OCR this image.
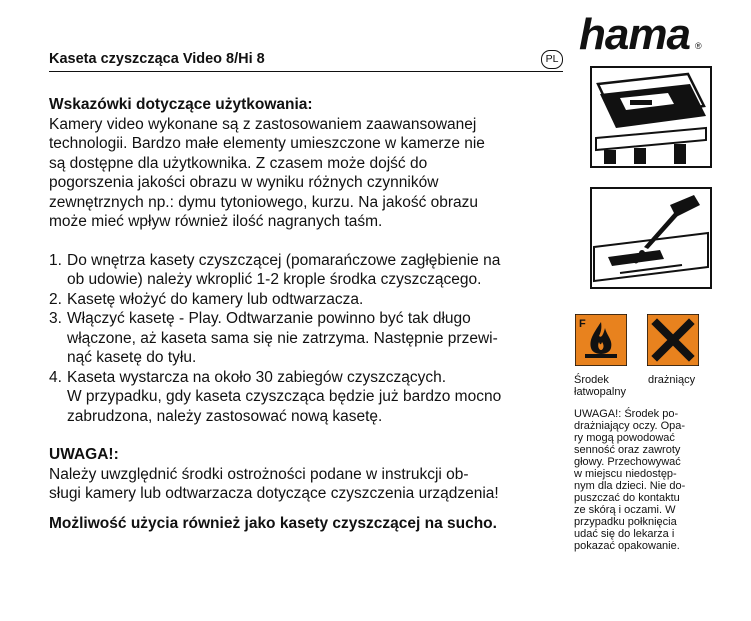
Kaseta czyszcząca Video 8/Hi 8	PL hama ®
Wskazówki dotyczące użytkowania:

Kamery video wykonane są z zastosowaniem zaawansowanej

technologii. Bardzo małe elementy umieszczone w kamerze nie

są dostępne dla użytkownika. Z czasem może dojść do

pogorszenia jakości obrazu w wyniku różnych czynników

zewnętrznych np.: dymu tytoniowego, kurzu. Na jakość obrazu

może mieć wpływ również ilość nagranych taśm.

1. Do wnętrza kasety czyszczącej (pomarańczowe zagłębienie na
ob udowie) należy wkroplić 1-2 krople środka czyszczącego.
2. Kasetę włożyć do kamery lub odtwarzacza.
3. Włączyć kasetę - Play. Odtwarzanie powinno być tak długo
włączone, aż kaseta sama się nie zatrzyma. Następnie przewi-
nąć kasetę do tyłu.
4. Kaseta wystarcza na około 30 zabiegów czyszczących.
W przypadku, gdy kaseta czyszcząca będzie już bardzo mocno
zabrudzona, należy zastosować nową kasetę.
UWAGA!:

Należy uwzględnić środki ostrożności podane w instrukcji ob-

sługi kamery lub odtwarzacza dotyczące czyszczenia urządzenia!

Możliwość użycia również jako kasety czyszczącej na sucho.

F
Środek
łatwopalny
drażniący
UWAGA!: Środek po-
drażniający oczy. Opa-
ry mogą powodować
senność oraz zawroty
głowy. Przechowywać
w miejscu niedostęp-
nym dla dzieci. Nie do-
puszczać do kontaktu
ze skórą i oczami. W
przypadku połknięcia
udać się do lekarza i
pokazać opakowanie.
